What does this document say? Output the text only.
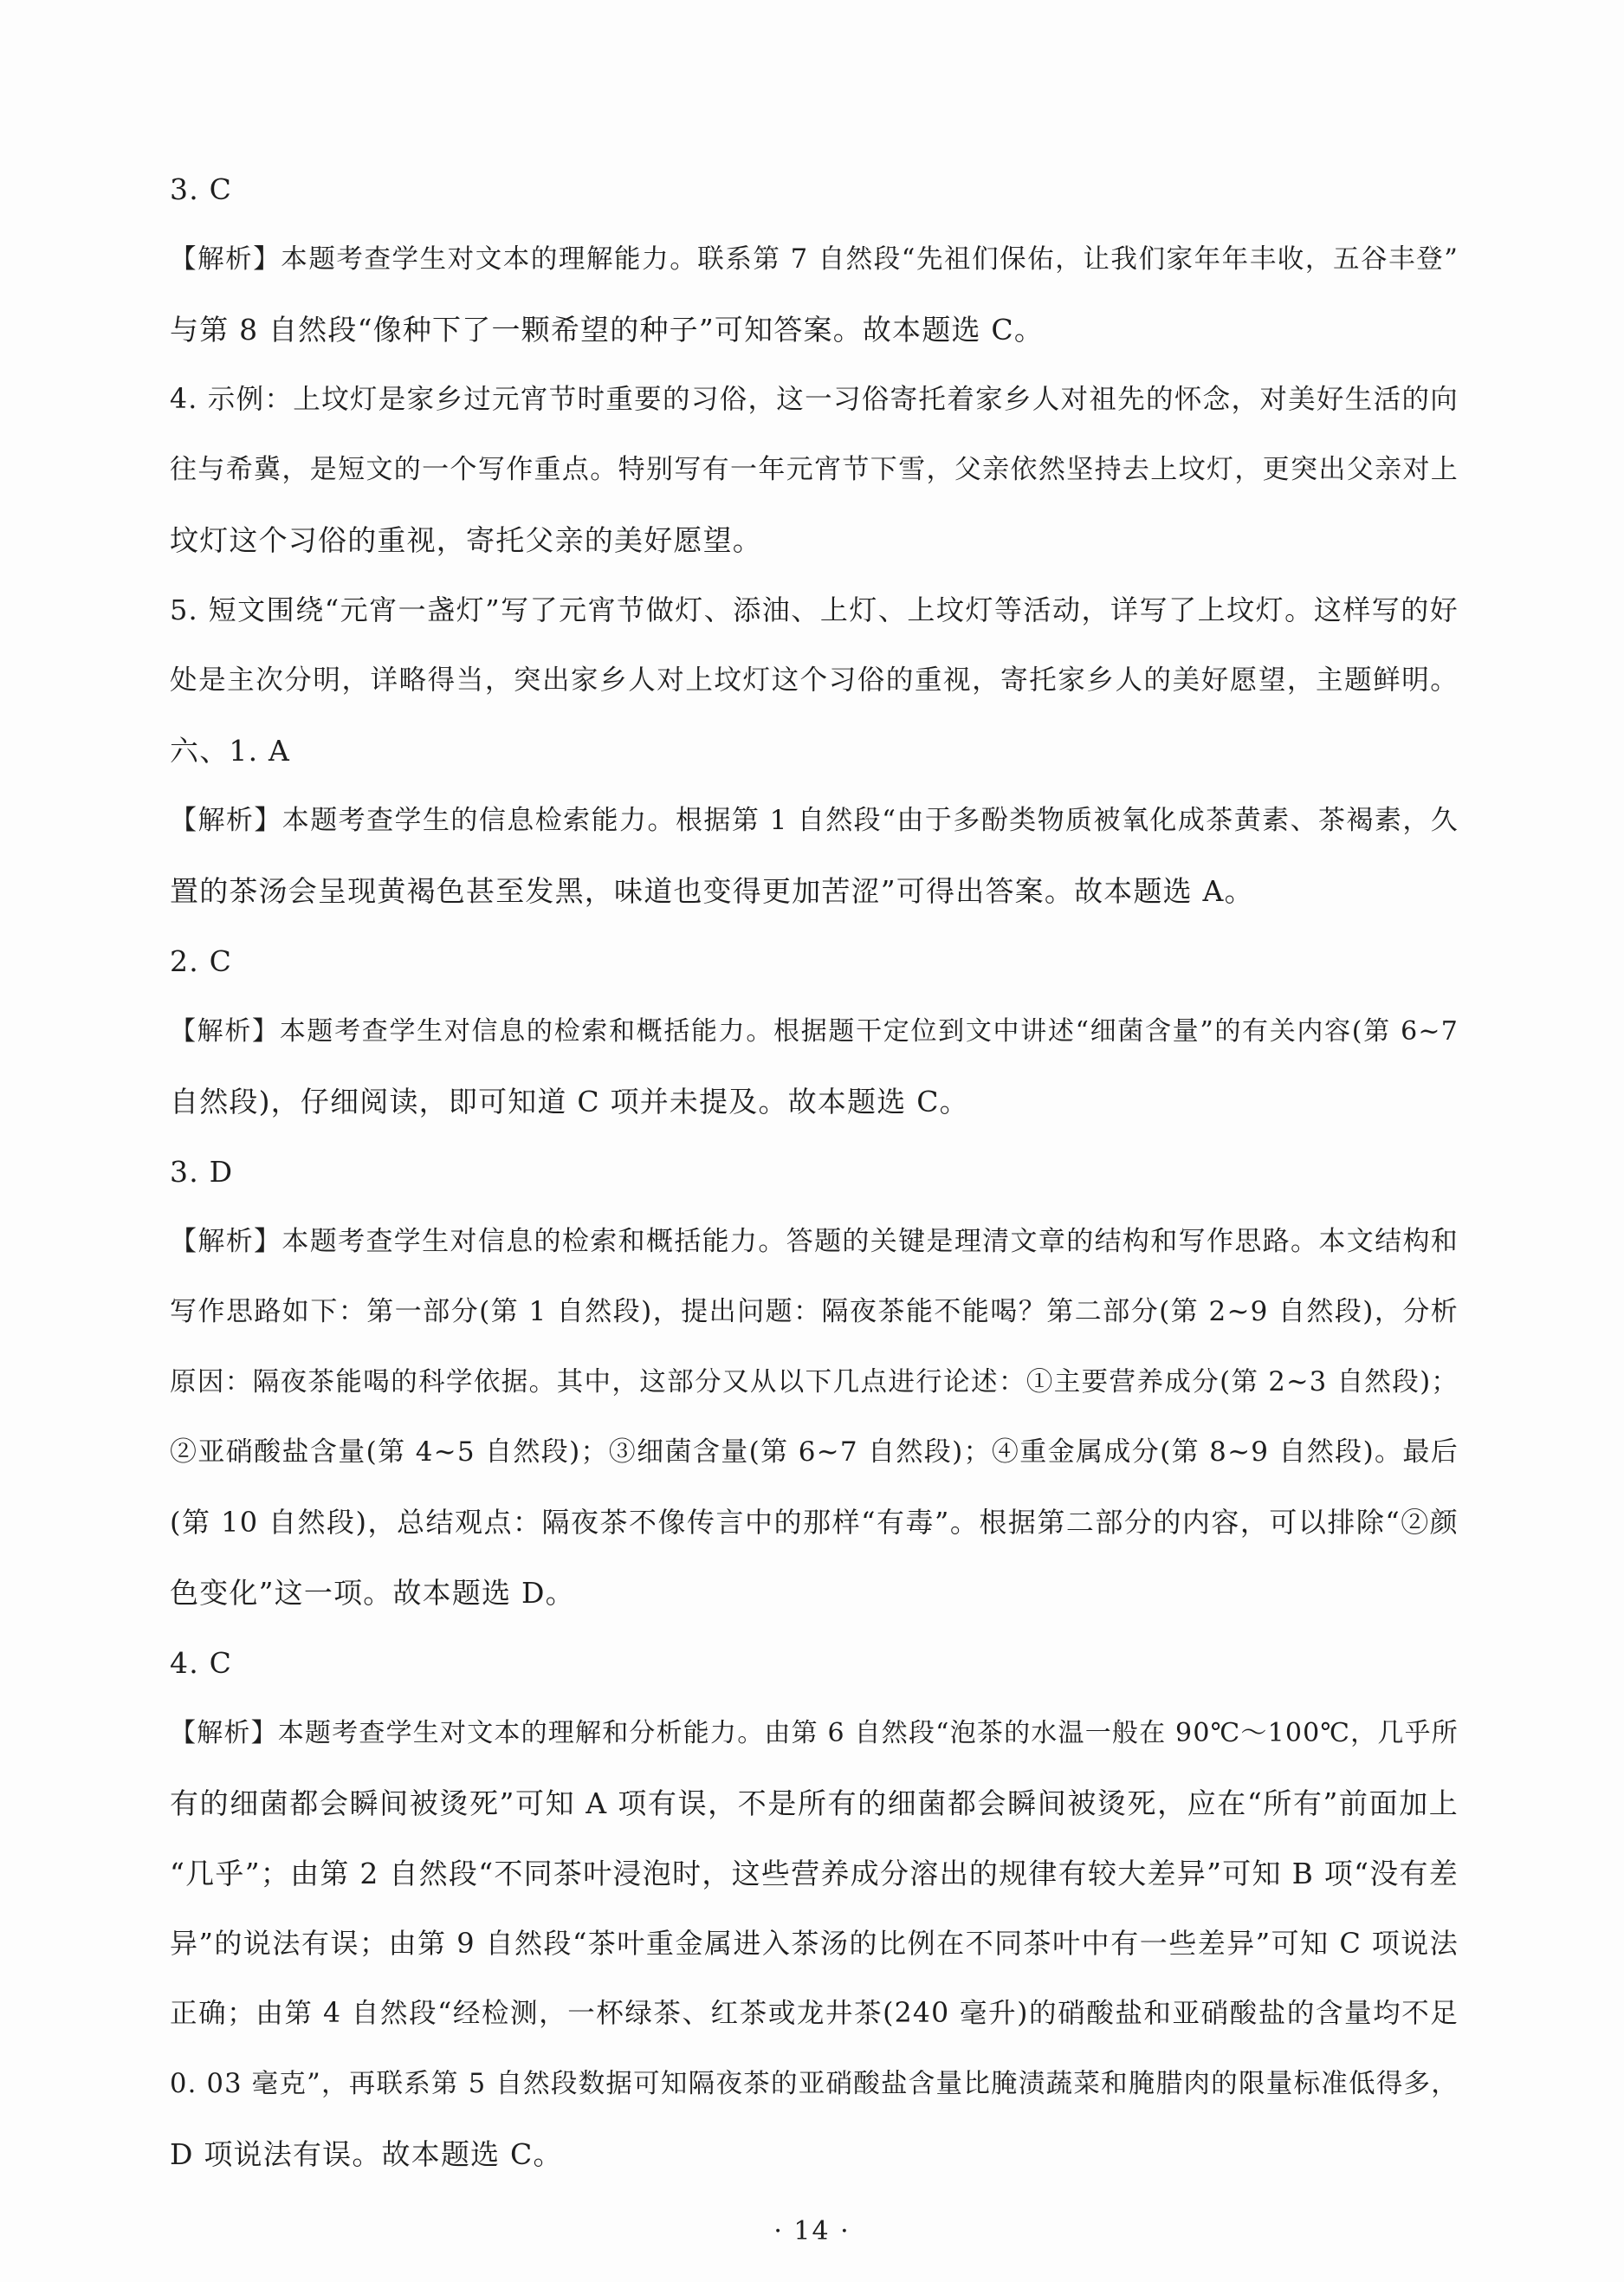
3. C
【解析】本题考查学生对文本的理解能力。联系第 7 自然段“先祖们保佑，让我们家年年丰收，五谷丰登”
与第 8 自然段“像种下了一颗希望的种子”可知答案。故本题选 C。
4. 示例：上坟灯是家乡过元宵节时重要的习俗，这一习俗寄托着家乡人对祖先的怀念，对美好生活的向
往与希冀，是短文的一个写作重点。特别写有一年元宵节下雪，父亲依然坚持去上坟灯，更突出父亲对上
坟灯这个习俗的重视，寄托父亲的美好愿望。
5. 短文围绕“元宵一盏灯”写了元宵节做灯、添油、上灯、上坟灯等活动，详写了上坟灯。这样写的好
处是主次分明，详略得当，突出家乡人对上坟灯这个习俗的重视，寄托家乡人的美好愿望，主题鲜明。
六、1. A
【解析】本题考查学生的信息检索能力。根据第 1 自然段“由于多酚类物质被氧化成茶黄素、茶褐素，久
置的茶汤会呈现黄褐色甚至发黑，味道也变得更加苦涩”可得出答案。故本题选 A。
2. C
【解析】本题考查学生对信息的检索和概括能力。根据题干定位到文中讲述“细菌含量”的有关内容(第 6~7
自然段)，仔细阅读，即可知道 C 项并未提及。故本题选 C。
3. D
【解析】本题考查学生对信息的检索和概括能力。答题的关键是理清文章的结构和写作思路。本文结构和
写作思路如下：第一部分(第 1 自然段)，提出问题：隔夜茶能不能喝？第二部分(第 2~9 自然段)，分析
原因：隔夜茶能喝的科学依据。其中，这部分又从以下几点进行论述：①主要营养成分(第 2~3 自然段)；
②亚硝酸盐含量(第 4~5 自然段)；③细菌含量(第 6~7 自然段)；④重金属成分(第 8~9 自然段)。最后
(第 10 自然段)，总结观点：隔夜茶不像传言中的那样“有毒”。根据第二部分的内容，可以排除“②颜
色变化”这一项。故本题选 D。
4. C
【解析】本题考查学生对文本的理解和分析能力。由第 6 自然段“泡茶的水温一般在 90℃～100℃，几乎所
有的细菌都会瞬间被烫死”可知 A 项有误，不是所有的细菌都会瞬间被烫死，应在“所有”前面加上
“几乎”；由第 2 自然段“不同茶叶浸泡时，这些营养成分溶出的规律有较大差异”可知 B 项“没有差
异”的说法有误；由第 9 自然段“茶叶重金属进入茶汤的比例在不同茶叶中有一些差异”可知 C 项说法
正确；由第 4 自然段“经检测，一杯绿茶、红茶或龙井茶(240 毫升)的硝酸盐和亚硝酸盐的含量均不足
0. 03 毫克”，再联系第 5 自然段数据可知隔夜茶的亚硝酸盐含量比腌渍蔬菜和腌腊肉的限量标准低得多，
D 项说法有误。故本题选 C。
· 14 ·
